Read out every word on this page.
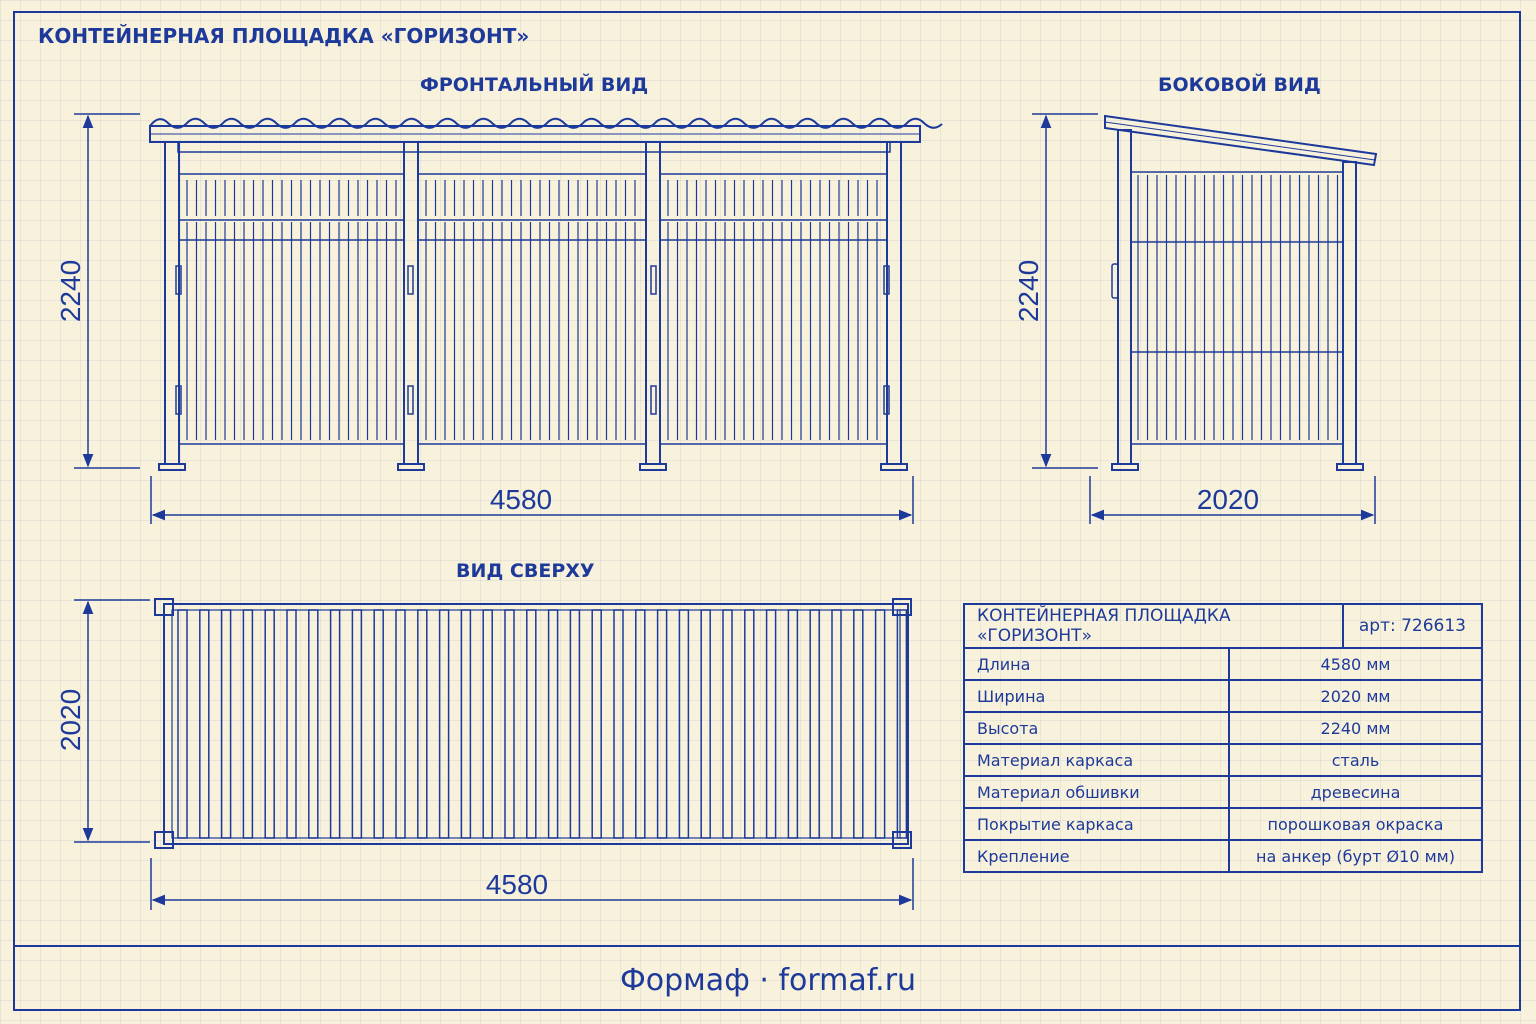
КОНТЕЙНЕРНАЯ ПЛОЩАДКА «ГОРИЗОНТ»
ФРОНТАЛЬНЫЙ ВИД	БОКОВОЙ ВИД
ВИД СВЕРХУ
2240
4580
2240
2020
2020
4580
КОНТЕЙНЕРНАЯ ПЛОЩАДКА «ГОРИЗОНТ»		арт: 726613
Длина	4580 мм	
Ширина	2020 мм	
Высота	2240 мм	
Материал каркаса	сталь	
Материал обшивки	древесина	
Покрытие каркаса	порошковая окраска	
Крепление	на анкер (бурт Ø10 мм)	
Формаф · formaf.ru
